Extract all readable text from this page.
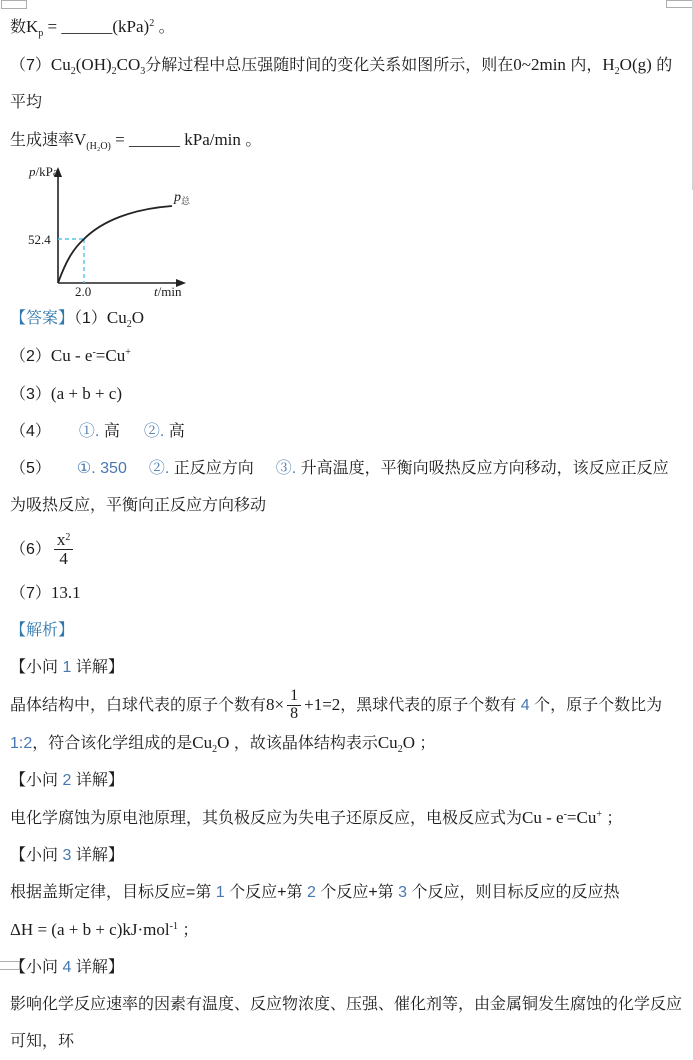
数$K_p$ = ______(kPa)$^2$ 。
$(7)Cu_2(OH)_2CO_3$分解过程中总压强随时间的变化关系如图所示，则在0~2min 内，$H_2O(g)$ 的平均
生成速率$V_{(H_2O)}$ = ______ kPa/min 。
p/kPa
52.4
2.0	t/min
$p_总$
【答案】$(1)Cu_2O$
（2）Cu - e-=Cu+
（3）(a + b + c)
（4） ①. 高 ②. 高
（5） ①. 350 ②. 正反应方向 ③. 升高温度，平衡向吸热反应方向移动，该反应正反应为吸热反应，平衡向正反应方向移动
$(6) \frac{x^2}{4}$
（7）13.1
【解析】
【小问 1 详解】
晶体结构中，白球代表的原子个数有$8\times \frac{1}{8} +1=2$，黑球代表的原子个数有 4 个，原子个数比为 1:2，符合该化学组成的是$Cu_2O$ ，故该晶体结构表示$Cu_2O$ ；
【小问 2 详解】
电化学腐蚀为原电池原理，其负极反应为失电子还原反应，电极反应式为Cu - e-=Cu+ ；
【小问 3 详解】
根据盖斯定律，目标反应=第 1 个反应+第 2 个反应+第 3 个反应，则目标反应的反应热
ΔH = (a + b + c)kJ·mol$^{-1}$ ；
【小问 4 详解】
影响化学反应速率的因素有温度、反应物浓度、压强、催化剂等，由金属铜发生腐蚀的化学反应可知，环
